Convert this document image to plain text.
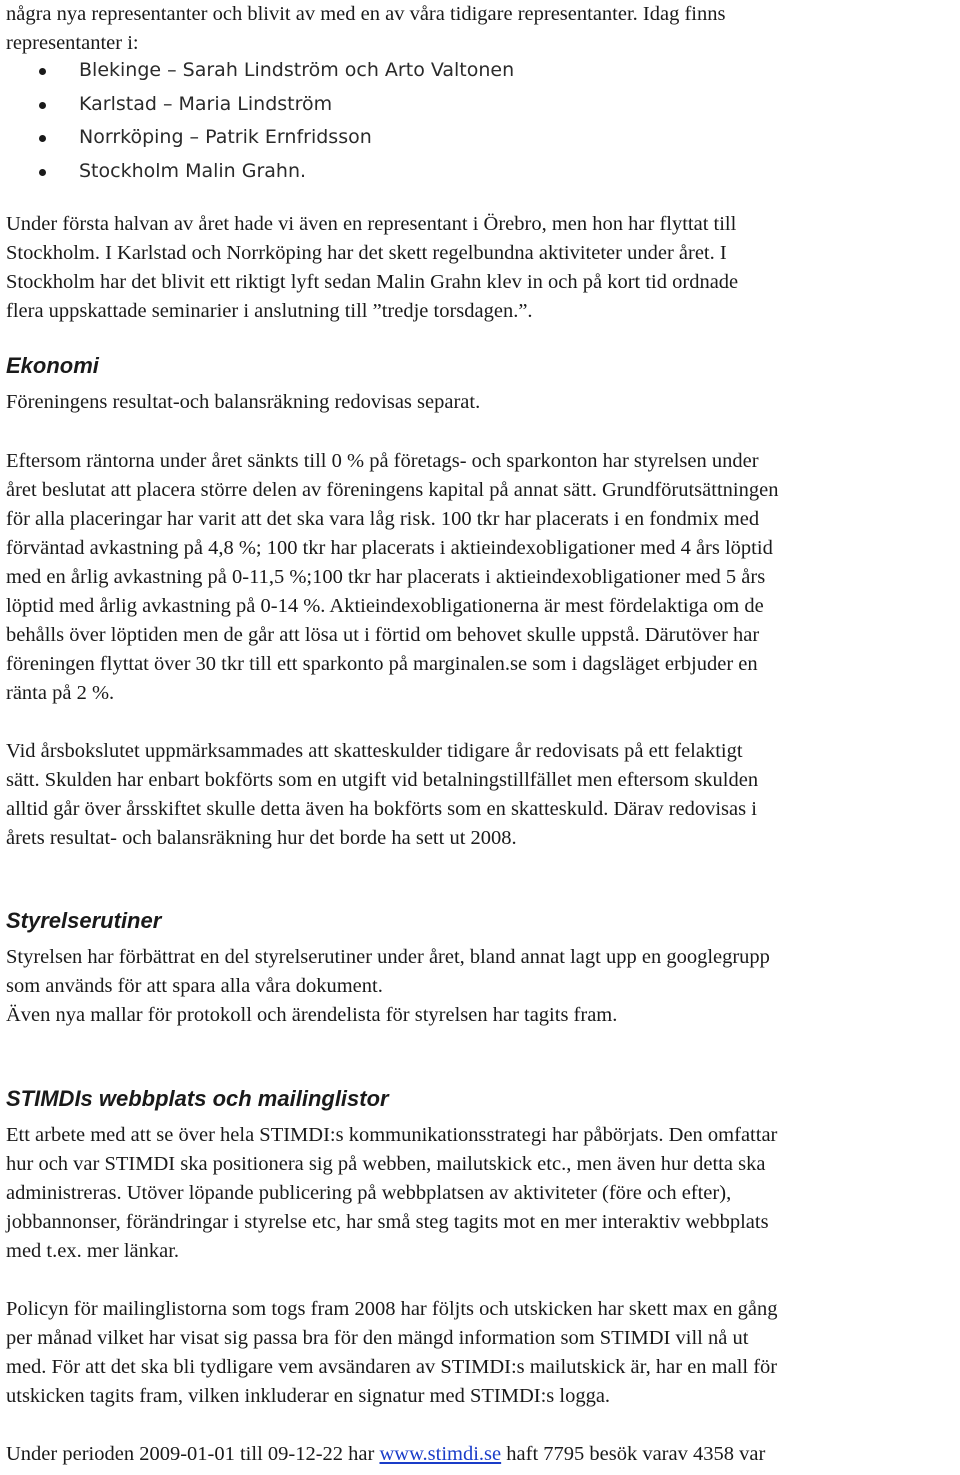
några nya representanter och blivit av med en av våra tidigare representanter. Idag finns

representanter i:

Blekinge – Sarah Lindström och Arto Valtonen
Karlstad – Maria Lindström
Norrköping – Patrik Ernfridsson
Stockholm Malin Grahn.

Under första halvan av året hade vi även en representant i Örebro, men hon har flyttat till

Stockholm. I Karlstad och Norrköping har det skett regelbundna aktiviteter under året. I

Stockholm har det blivit ett riktigt lyft sedan Malin Grahn klev in och på kort tid ordnade

flera uppskattade seminarier i anslutning till ”tredje torsdagen.”.

Ekonomi

Föreningens resultat-och balansräkning redovisas separat.

Eftersom räntorna under året sänkts till 0 % på företags- och sparkonton har styrelsen under

året beslutat att placera större delen av föreningens kapital på annat sätt. Grundförutsättningen

för alla placeringar har varit att det ska vara låg risk. 100 tkr har placerats i en fondmix med

förväntad avkastning på 4,8 %; 100 tkr har placerats i aktieindexobligationer med 4 års löptid

med en årlig avkastning på 0-11,5 %;100 tkr har placerats i aktieindexobligationer med 5 års

löptid med årlig avkastning på 0-14 %. Aktieindexobligationerna är mest fördelaktiga om de

behålls över löptiden men de går att lösa ut i förtid om behovet skulle uppstå. Därutöver har

föreningen flyttat över 30 tkr till ett sparkonto på marginalen.se som i dagsläget erbjuder en

ränta på 2 %.

Vid årsbokslutet uppmärksammades att skatteskulder tidigare år redovisats på ett felaktigt

sätt. Skulden har enbart bokförts som en utgift vid betalningstillfället men eftersom skulden

alltid går över årsskiftet skulle detta även ha bokförts som en skatteskuld. Därav redovisas i

årets resultat- och balansräkning hur det borde ha sett ut 2008.

Styrelserutiner

Styrelsen har förbättrat en del styrelserutiner under året, bland annat lagt upp en googlegrupp

som används för att spara alla våra dokument.

Även nya mallar för protokoll och ärendelista för styrelsen har tagits fram.

STIMDIs webbplats och mailinglistor

Ett arbete med att se över hela STIMDI:s kommunikationsstrategi har påbörjats. Den omfattar

hur och var STIMDI ska positionera sig på webben, mailutskick etc., men även hur detta ska

administreras. Utöver löpande publicering på webbplatsen av aktiviteter (före och efter),

jobbannonser, förändringar i styrelse etc, har små steg tagits mot en mer interaktiv webbplats

med t.ex. mer länkar.

Policyn för mailinglistorna som togs fram 2008 har följts och utskicken har skett max en gång

per månad vilket har visat sig passa bra för den mängd information som STIMDI vill nå ut

med. För att det ska bli tydligare vem avsändaren av STIMDI:s mailutskick är, har en mall för

utskicken tagits fram, vilken inkluderar en signatur med STIMDI:s logga.

Under perioden 2009-01-01 till 09-12-22 har www.stimdi.se haft 7795 besök varav 4358 var
